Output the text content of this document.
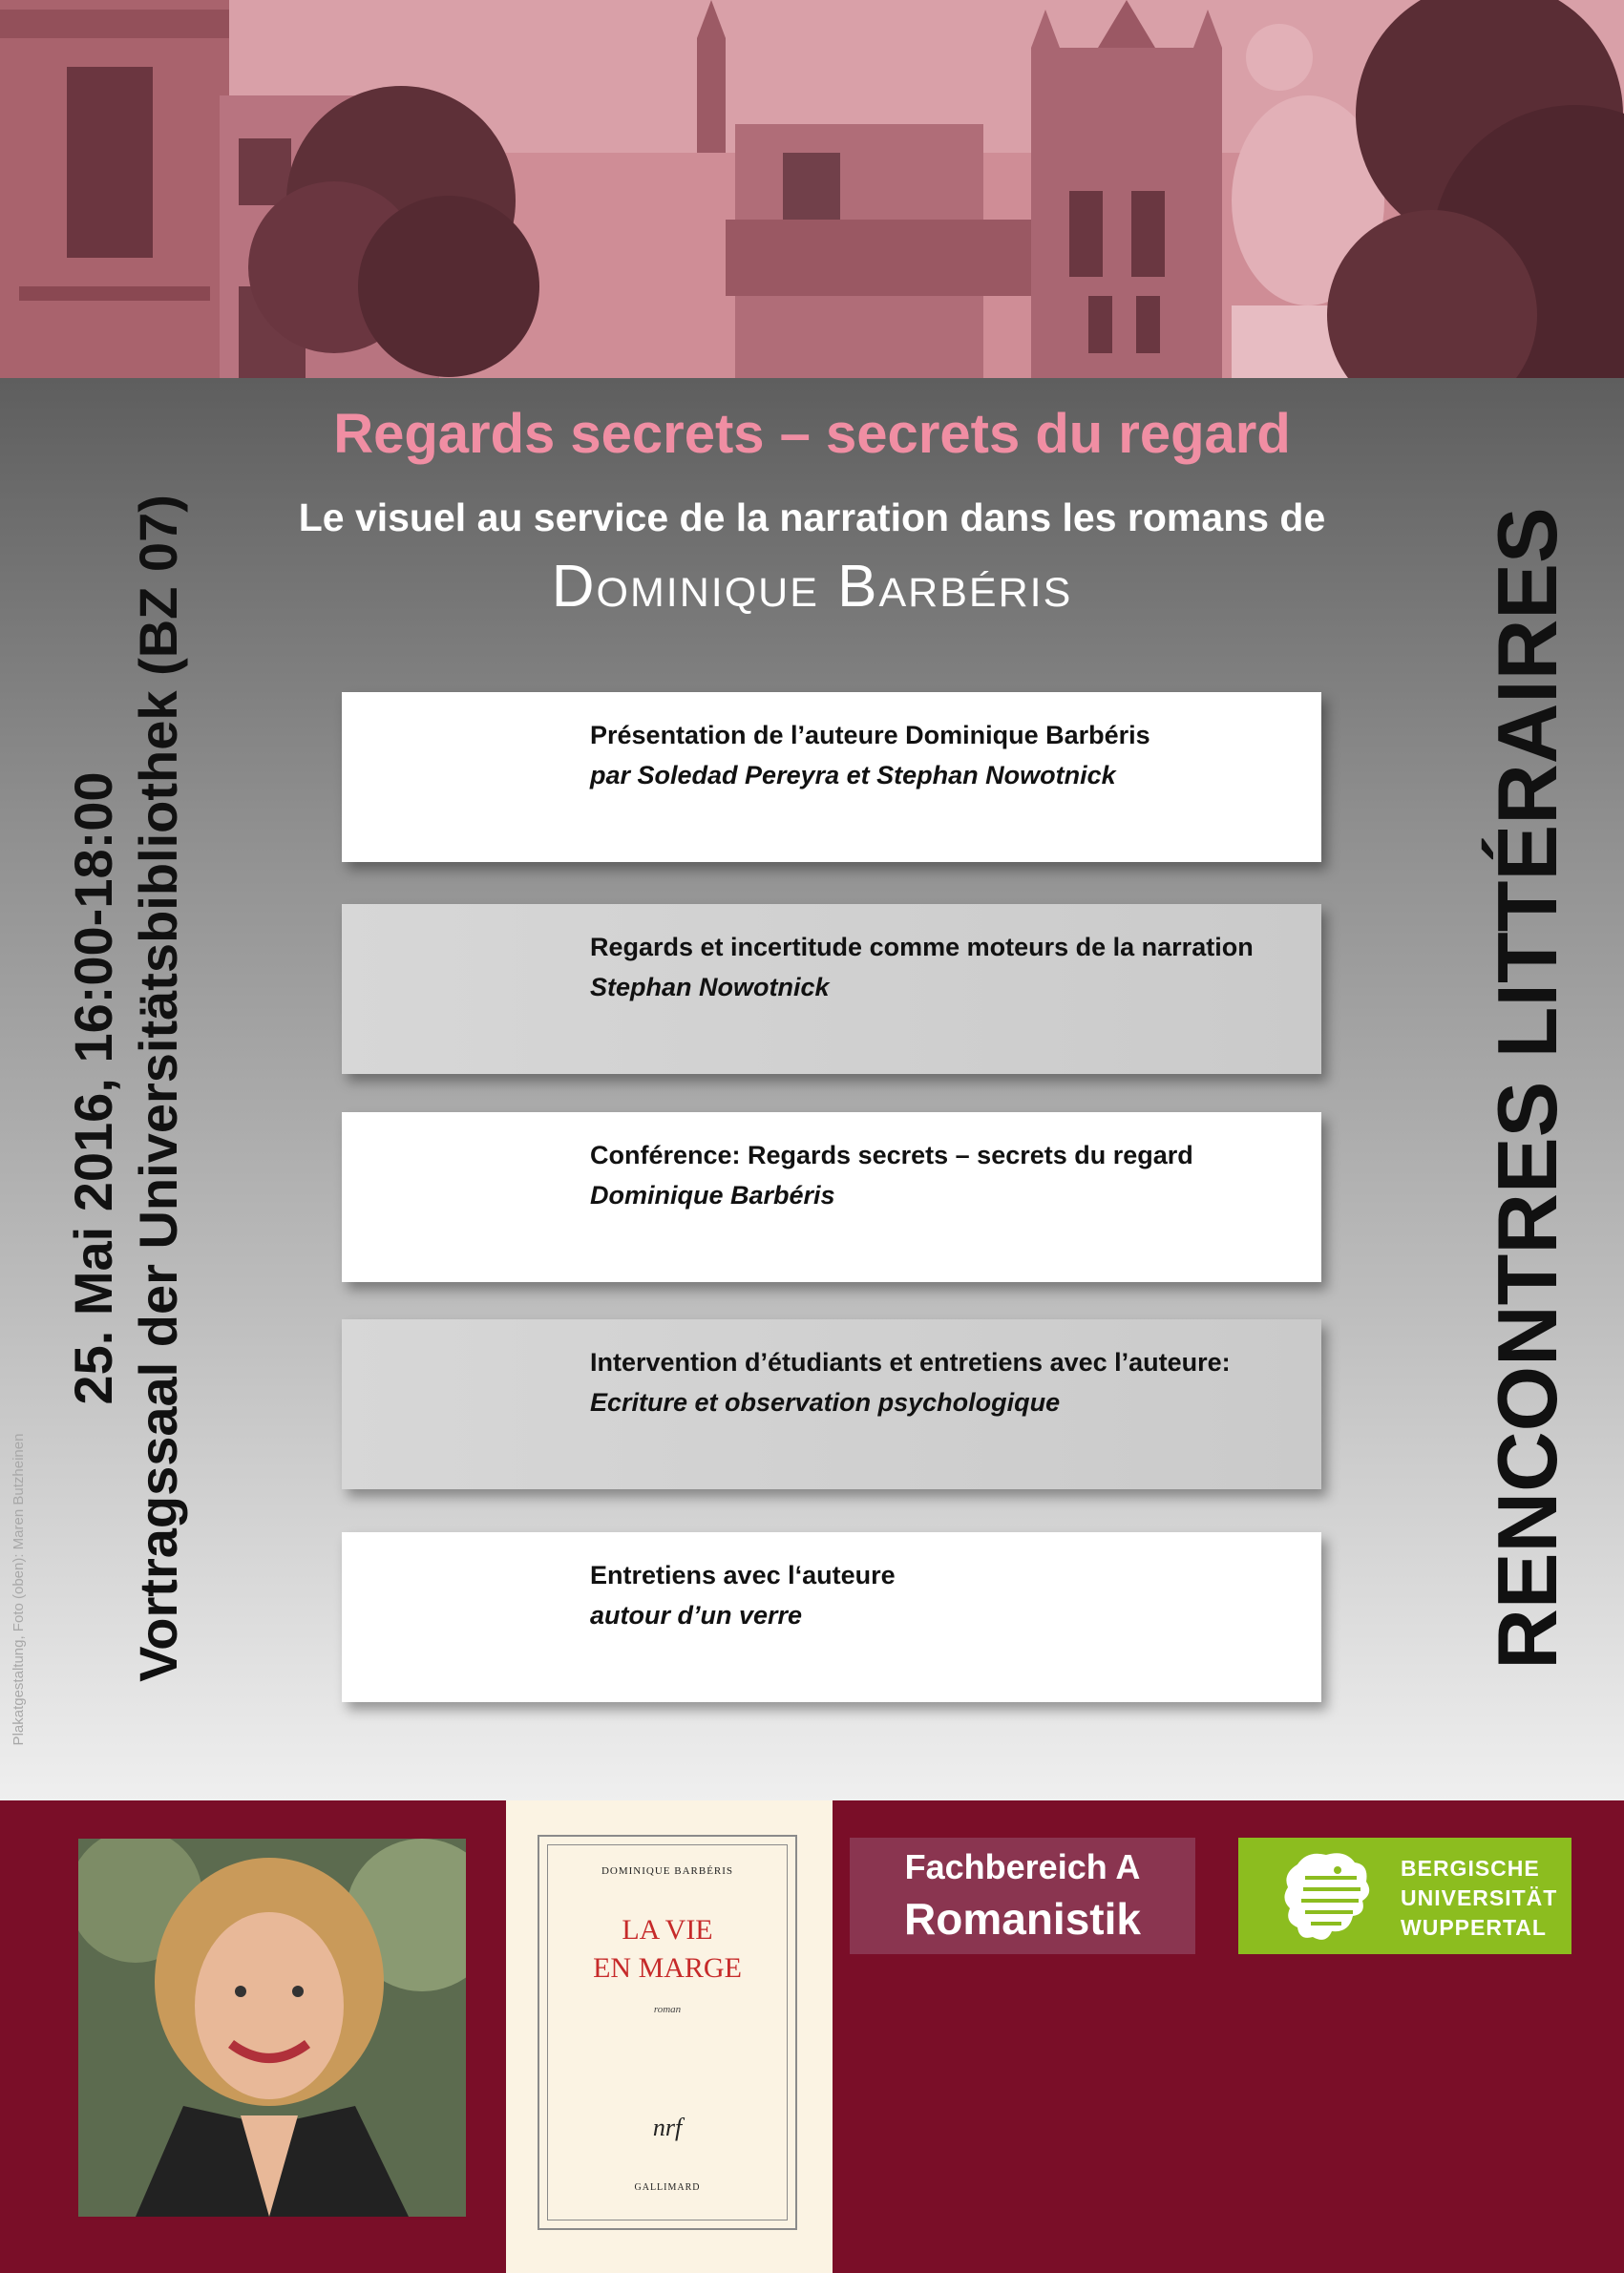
Regards secrets – secrets du regard
Le visuel au service de la narration dans les romans de
Dominique Barbéris
Présentation de l’auteure Dominique Barbéris
par Soledad Pereyra et Stephan Nowotnick
Regards et incertitude comme moteurs de la narration
Stephan Nowotnick
Conférence: Regards secrets – secrets du regard
Dominique Barbéris
Intervention d’étudiants et entretiens avec l’auteure:
Ecriture et observation psychologique
Entretiens avec l‘auteure
autour d’un verre
25. Mai 2016, 16:00-18:00 Vortragssaal der Universitätsbibliothek (BZ 07)
Plakatgestaltung, Foto (oben): Maren Butzheinen	RENCONTRES LITTÉRAIRES
DOMINIQUE BARBÉRIS
LA VIE
EN MARGE
roman
nrf
GALLIMARD
Fachbereich A
Romanistik
BERGISCHE
UNIVERSITÄT
WUPPERTAL
